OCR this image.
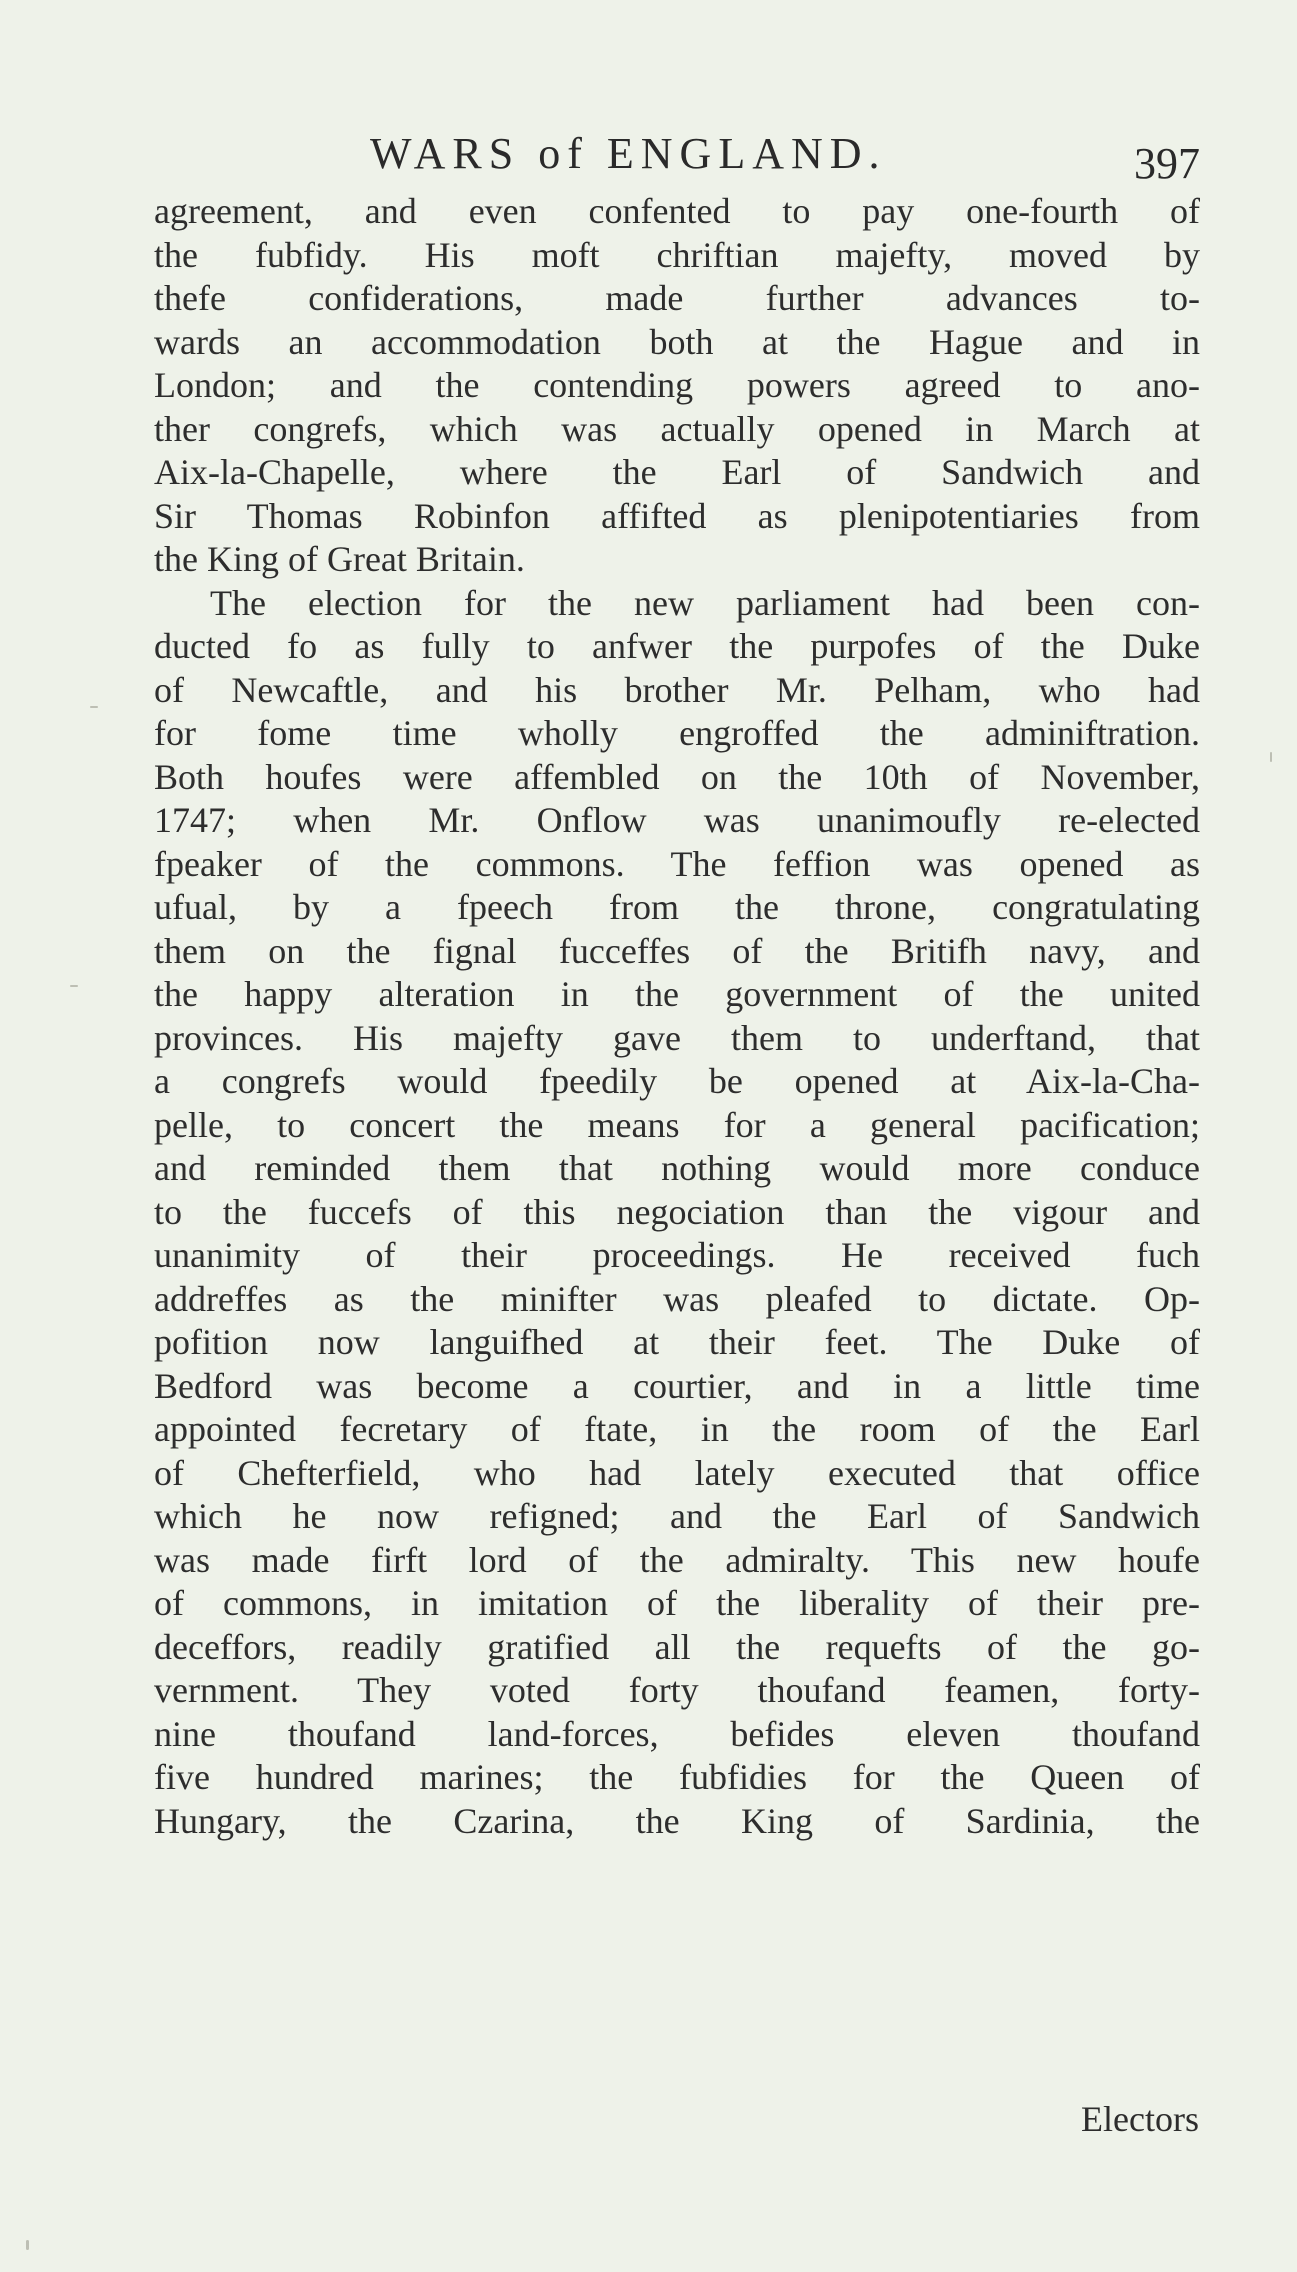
WARS of ENGLAND.	397
agreement, and even confented to pay one-fourth of
the fubfidy. His moft chriftian majefty, moved by
thefe confiderations, made further advances to-
wards an accommodation both at the Hague and in
London; and the contending powers agreed to ano-
ther congrefs, which was actually opened in March at
Aix-la-Chapelle, where the Earl of Sandwich and
Sir Thomas Robinfon affifted as plenipotentiaries from
the King of Great Britain.
The election for the new parliament had been con-
ducted fo as fully to anfwer the purpofes of the Duke
of Newcaftle, and his brother Mr. Pelham, who had
for fome time wholly engroffed the adminiftration.
Both houfes were affembled on the 10th of November,
1747; when Mr. Onflow was unanimoufly re-elected
fpeaker of the commons. The feffion was opened as
ufual, by a fpeech from the throne, congratulating
them on the fignal fucceffes of the Britifh navy, and
the happy alteration in the government of the united
provinces. His majefty gave them to underftand, that
a congrefs would fpeedily be opened at Aix-la-Cha-
pelle, to concert the means for a general pacification;
and reminded them that nothing would more conduce
to the fuccefs of this negociation than the vigour and
unanimity of their proceedings. He received fuch
addreffes as the minifter was pleafed to dictate. Op-
pofition now languifhed at their feet. The Duke of
Bedford was become a courtier, and in a little time
appointed fecretary of ftate, in the room of the Earl
of Chefterfield, who had lately executed that office
which he now refigned; and the Earl of Sandwich
was made firft lord of the admiralty. This new houfe
of commons, in imitation of the liberality of their pre-
deceffors, readily gratified all the requefts of the go-
vernment. They voted forty thoufand feamen, forty-
nine thoufand land-forces, befides eleven thoufand
five hundred marines; the fubfidies for the Queen of
Hungary, the Czarina, the King of Sardinia, the
Electors
